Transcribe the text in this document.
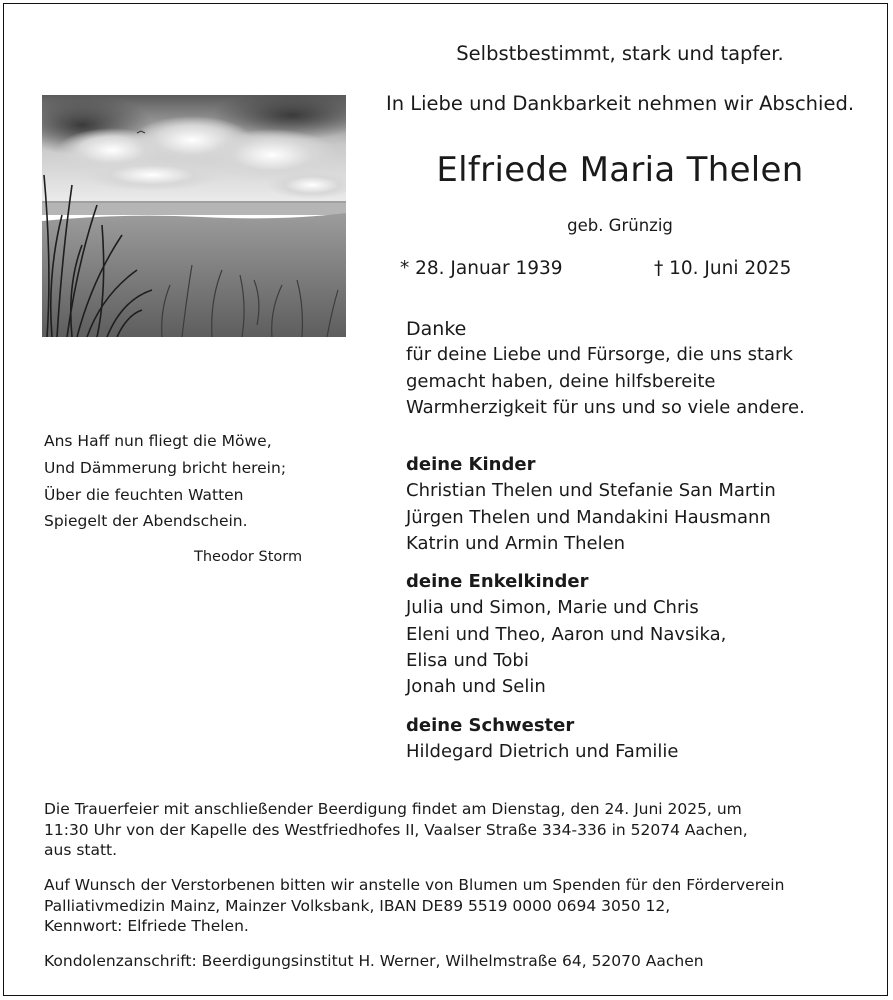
Selbstbestimmt, stark und tapfer.
In Liebe und Dankbarkeit nehmen wir Abschied.
Elfriede Maria Thelen
geb. Grünzig
* 28. Januar 1939	† 10. Juni 2025
Ans Haff nun fliegt die Möwe,
Und Dämmerung bricht herein;
Über die feuchten Watten
Spiegelt der Abendschein.
Theodor Storm
Danke
für deine Liebe und Fürsorge, die uns stark
gemacht haben, deine hilfsbereite
Warmherzigkeit für uns und so viele andere.
deine Kinder
Christian Thelen und Stefanie San Martin
Jürgen Thelen und Mandakini Hausmann
Katrin und Armin Thelen
deine Enkelkinder
Julia und Simon, Marie und Chris
Eleni und Theo, Aaron und Navsika,
Elisa und Tobi
Jonah und Selin
deine Schwester
Hildegard Dietrich und Familie
Die Trauerfeier mit anschließender Beerdigung findet am Dienstag, den 24. Juni 2025, um
11:30 Uhr von der Kapelle des Westfriedhofes II, Vaalser Straße 334-336 in 52074 Aachen,
aus statt.
Auf Wunsch der Verstorbenen bitten wir anstelle von Blumen um Spenden für den Förderverein
Palliativmedizin Mainz, Mainzer Volksbank, IBAN DE89 5519 0000 0694 3050 12,
Kennwort: Elfriede Thelen.
Kondolenzanschrift: Beerdigungsinstitut H. Werner, Wilhelmstraße 64, 52070 Aachen
